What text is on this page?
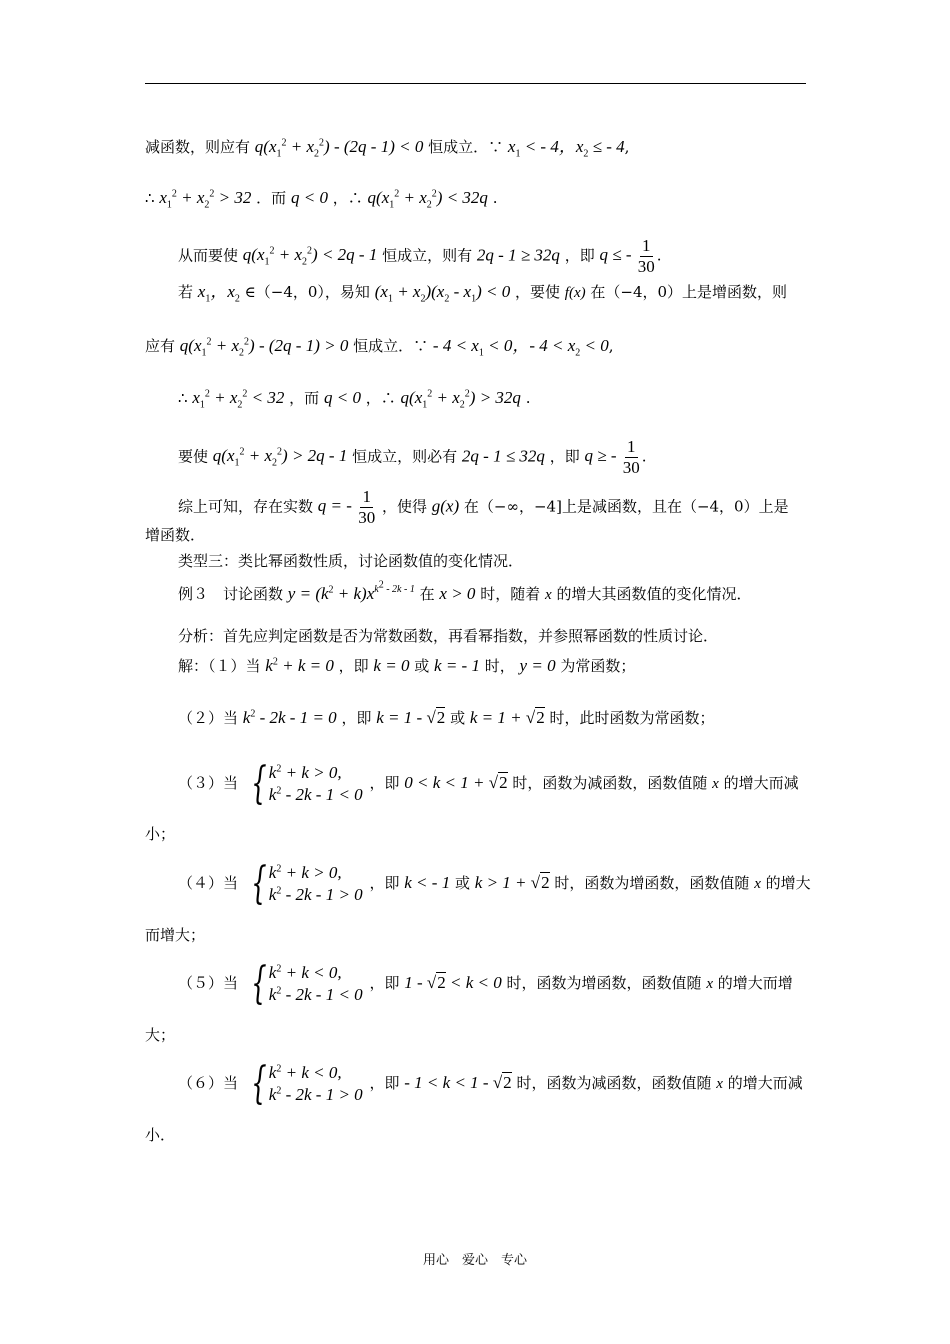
减函数，则应有 $q(x_1^2 + x_2^2) - (2q - 1) < 0$ 恒成立．∵ $x_1$ < - 4，$x_2$ ≤ - 4,
∴ $x_1^2 + x_2^2 > 32$ ．而 q < 0 ，∴ $q(x_1^2 + x_2^2) < 32q$ .
从而要使 $q(x_1^2 + x_2^2) < 2q - 1$ 恒成立，则有 2q - 1 ≥ 32q ，即 q ≤ - $\frac{1}{30}$ .
若 $x_1$，$x_2$ ∈（−4，0），易知 $(x_1 + x_2)(x_2 - x_1) < 0$ ，要使 f(x) 在（−4，0）上是增函数，则
应有 $q(x_1^2 + x_2^2) - (2q - 1) > 0$ 恒成立．∵ - $4 < x_1 < 0$，- $4 < x_2 < 0$,
∴ $x_1^2 + x_2^2 < 32$ ，而 q < 0 ，∴ $q(x_1^2 + x_2^2) > 32q$ .
要使 $q(x_1^2 + x_2^2) > 2q - 1$ 恒成立，则必有 2q - 1 ≤ 32q ，即 q ≥ - $\frac{1}{30}$ .
综上可知，存在实数 q = - $\frac{1}{30}$ ，使得 g(x) 在（−∞，−4]上是减函数，且在（−4，0）上是
增函数．
类型三：类比幂函数性质，讨论函数值的变化情况．
例３　讨论函数 $y = (k^2 + k)x^{k^2 - 2k - 1}$ 在 x > 0 时，随着 x 的增大其函数值的变化情况．
分析：首先应判定函数是否为常数函数，再看幂指数，并参照幂函数的性质讨论．
解：（１）当 $k^2 + k = 0$ ，即 k = 0 或 k = - 1 时， y = 0 为常函数；
（２）当 $k^2 - 2k - 1 = 0$ ，即 k = 1 - √2 或 k = 1 + √2 时，此时函数为常函数；
（３）当 { $k^2 + k > 0$,
$k^2 - 2k - 1 < 0$
，即 0 < k < 1 + √2 时，函数为减函数，函数值随 x 的增大而减
小；
（４）当 { $k^2 + k > 0$,
$k^2 - 2k - 1 > 0$
，即 k < - 1 或 k > 1 + √2 时，函数为增函数，函数值随 x 的增大
而增大；
（５）当 { $k^2 + k < 0$,
$k^2 - 2k - 1 < 0$
，即 1 - √2 < k < 0 时，函数为增函数，函数值随 x 的增大而增
大；
（６）当 { $k^2 + k < 0$,
$k^2 - 2k - 1 > 0$
，即 - 1 < k < 1 - √2 时，函数为减函数，函数值随 x 的增大而减
小．
用心　爱心　专心
